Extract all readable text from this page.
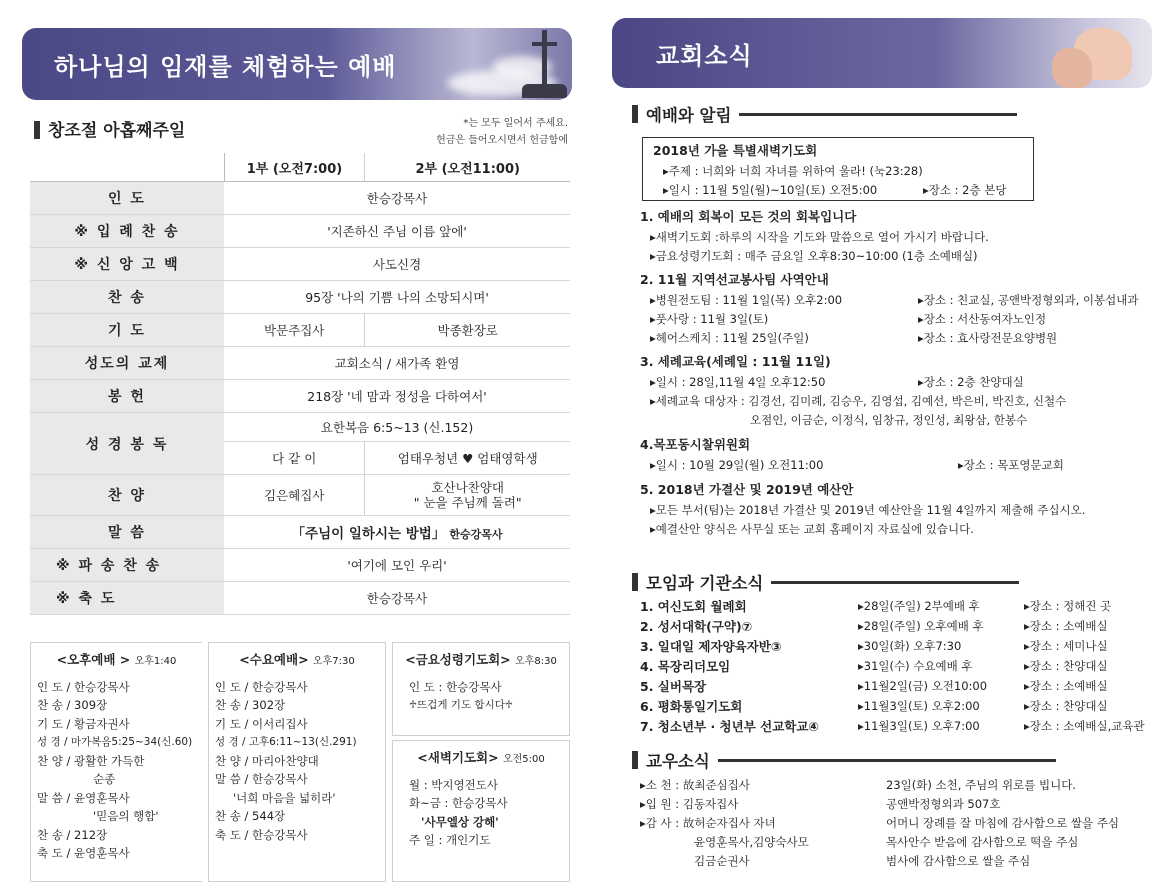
하나님의 임재를 체험하는 예배
창조절 아홉째주일	*는 모두 일어서 주세요.
헌금은 들어오시면서 헌금함에
	1부 (오전7:00)	2부 (오전11:00)
인 도	한승강목사	
※ 입 례 찬 송	'지존하신 주님 이름 앞에'	
※ 신 앙 고 백	사도신경	
찬 송	95장 '나의 기쁨 나의 소망되시며'	
기 도	박문주집사	박종환장로
성도의 교제	교회소식 / 새가족 환영	
봉 헌	218장 '네 맘과 정성을 다하여서'	
성 경 봉 독	요한복음 6:5~13 (신.152)	
	다 같 이	엄태우청년 ♥ 엄태영학생
찬 양	김은혜집사	호산나찬양대
" 눈을 주님께 돌려"

말 씀	「주님이 일하시는 방법」 한승강목사	
※ 파 송 찬 송	'여기에 모인 우리'	
※ 축 도	한승강목사	
<오후예배 > 오후1:40
인 도 / 한승강목사
찬 송 / 309장
기 도 / 황금자권사
성 경 / 마가복음5:25~34(신.60)
찬 양 / 광활한 가득한
순종
말 씀 / 윤영훈목사
'믿음의 행함'
찬 송 / 212장
축 도 / 윤영훈목사
<수요예배> 오후7:30
인 도 / 한승강목사
찬 송 / 302장
기 도 / 이서리집사
성 경 / 고후6:11~13(신.291)
찬 양 / 마리아찬양대
말 씀 / 한승강목사
'너희 마음을 넓히라'
찬 송 / 544장
축 도 / 한승강목사
<금요성령기도회> 오후8:30
인 도 : 한승강목사
♱뜨겁게 기도 합시다♱
<새벽기도회> 오전5:00
월 : 박지영전도사
화~금 : 한승강목사
'사무엘상 강해'
주 일 : 개인기도
교회소식
예배와 알림
2018년 가을 특별새벽기도회
▸주제 : 너희와 너희 자녀를 위하여 울라! (눅23:28)
▸일시 : 11월 5일(월)~10일(토) 오전5:00	▸장소 : 2층 본당
1. 예배의 회복이 모든 것의 회복입니다
▸새벽기도회 :하루의 시작을 기도와 말씀으로 열어 가시기 바랍니다.
▸금요성령기도회 : 매주 금요일 오후8:30~10:00 (1층 소예배실)
2. 11월 지역선교봉사팀 사역안내
▸병원전도팀 : 11월 1일(목) 오후2:00	▸장소 : 친교실, 공앤박정형외과, 이봉섭내과
▸풋사랑 : 11월 3일(토)	▸장소 : 서산동여자노인정
▸헤어스케치 : 11월 25일(주일)	▸장소 : 효사랑전문요양병원
3. 세례교육(세례일 : 11월 11일)
▸일시 : 28일,11월 4일 오후12:50	▸장소 : 2층 찬양대실
▸세례교육 대상자 : 김경선, 김미례, 김승우, 김영섭, 김예선, 박은비, 박진호, 신철수
오점인, 이금순, 이정식, 임창규, 정인성, 최왕삼, 한봉수
4.목포동시찰위원회
▸일시 : 10월 29일(월) 오전11:00	▸장소 : 목포영문교회
5. 2018년 가결산 및 2019년 예산안
▸모든 부서(팀)는 2018년 가결산 및 2019년 예산안을 11월 4일까지 제출해 주십시오.
▸예결산안 양식은 사무실 또는 교회 홈페이지 자료실에 있습니다.
모임과 기관소식
1. 여신도회 월례회	▸28일(주일) 2부예배 후	▸장소 : 정해진 곳
2. 성서대학(구약)⑦	▸28일(주일) 오후예배 후	▸장소 : 소예배실
3. 일대일 제자양육자반③	▸30일(화) 오후7:30	▸장소 : 세미나실
4. 목장리더모임	▸31일(수) 수요예배 후	▸장소 : 찬양대실
5. 실버목장	▸11월2일(금) 오전10:00	▸장소 : 소예배실
6. 평화통일기도회	▸11월3일(토) 오후2:00	▸장소 : 찬양대실
7. 청소년부 · 청년부 선교학교④	▸11월3일(토) 오후7:00	▸장소 : 소예배실,교육관
교우소식
▸소 천 : 故최준심집사	23일(화) 소천, 주님의 위로를 빕니다.
▸입 원 : 김동자집사	공앤박정형외과 507호
▸감 사 : 故허순자집사 자녀	어머니 장례를 잘 마침에 감사함으로 쌀을 주심
윤영훈목사,김양숙사모	목사안수 받음에 감사함으로 떡을 주심
김금순권사	범사에 감사함으로 쌀을 주심
